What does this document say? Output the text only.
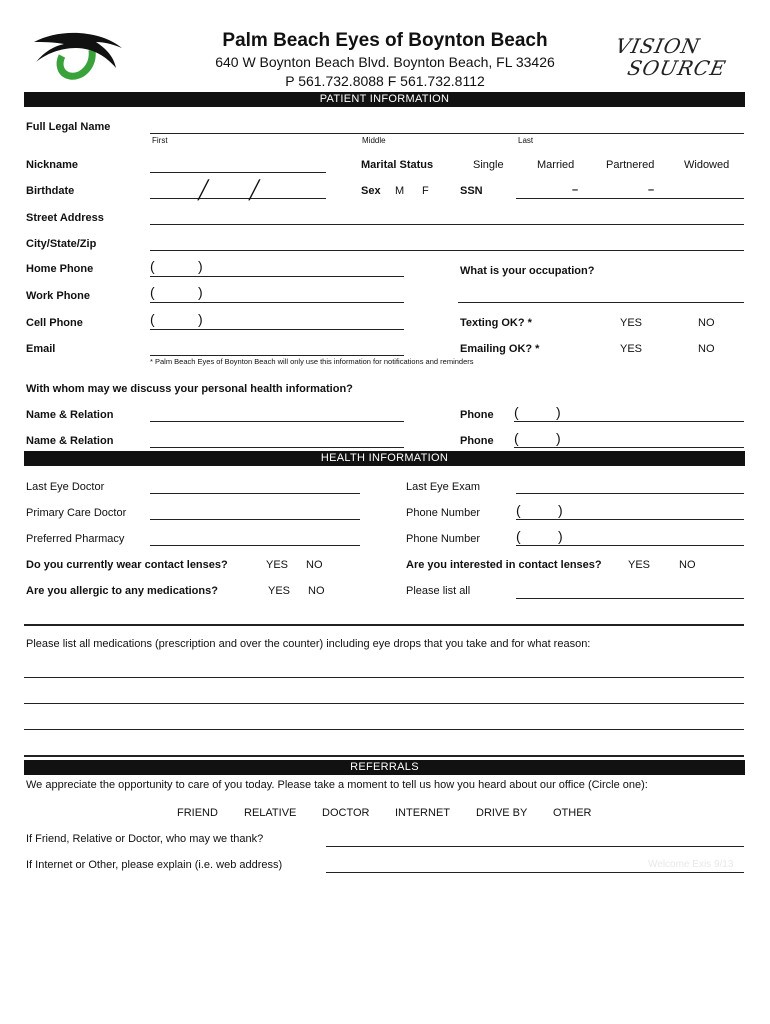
Palm Beach Eyes of Boynton Beach
640 W Boynton Beach Blvd. Boynton Beach, FL 33426
P 561.732.8088 F 561.732.8112
VISION
SOURCE
PATIENT INFORMATION
Full Legal Name
First	Middle	Last
Nickname	Marital Status	Single	Married	Partnered	Widowed
Birthdate	╱ ╱	Sex M F	SSN	–	–
Street Address
City/State/Zip
Home Phone	(	)	What is your occupation?
Work Phone	(	)
Cell Phone	(	)	Texting OK? *	YES	NO
Email	Emailing OK? *	YES	NO
* Palm Beach Eyes of Boynton Beach will only use this information for notifications and reminders
With whom may we discuss your personal health information?
Name & Relation	Phone (	)
Name & Relation	Phone (	)
HEALTH INFORMATION
Last Eye Doctor	Last Eye Exam
Primary Care Doctor	Phone Number	(	)
Preferred Pharmacy	Phone Number	(	)
Do you currently wear contact lenses?	YES NO	Are you interested in contact lenses? YES	NO
Are you allergic to any medications?	YES NO	Please list all
Please list all medications (prescription and over the counter) including eye drops that you take and for what reason:
REFERRALS
We appreciate the opportunity to care of you today. Please take a moment to tell us how you heard about our office (Circle one):
FRIEND RELATIVE DOCTOR INTERNET DRIVE BY OTHER
If Friend, Relative or Doctor, who may we thank?
If Internet or Other, please explain (i.e. web address)	Welcome Exis 9/13
